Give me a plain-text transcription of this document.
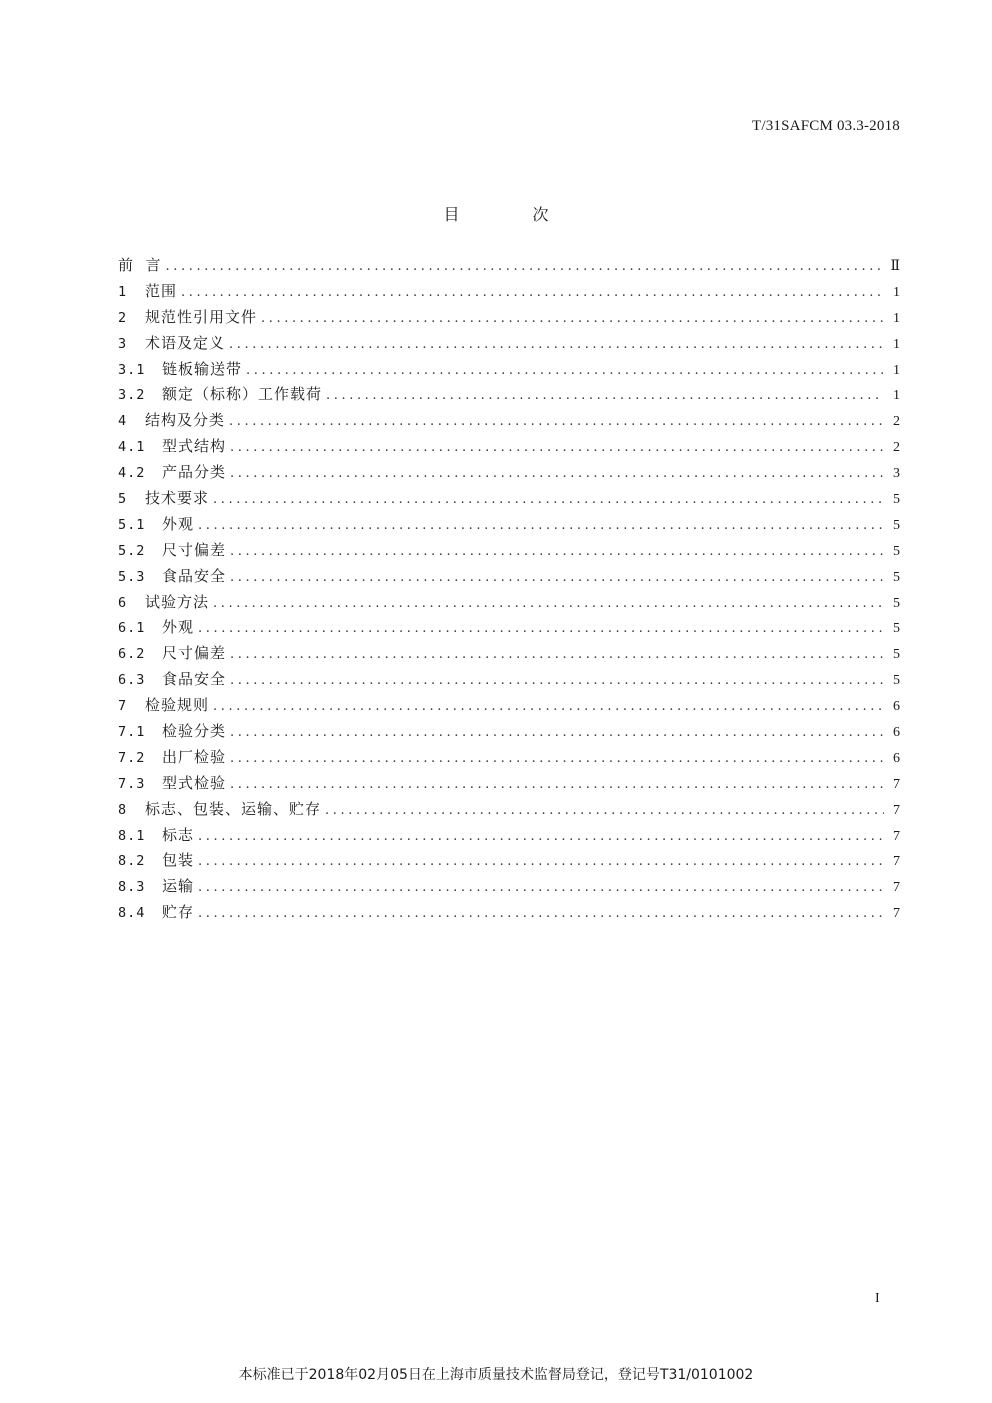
T/31SAFCM 03.3-2018
目 次
前  言 .....	Ⅱ
1	范围 .....	1
2	规范性引用文件 .....	1
3	术语及定义 .....	1
3.1	链板输送带 .....	1
3.2	额定（标称）工作载荷 .....	1
4	结构及分类 .....	2
4.1	型式结构 .....	2
4.2	产品分类 .....	3
5	技术要求 .....	5
5.1	外观 .....	5
5.2	尺寸偏差 .....	5
5.3	食品安全 .....	5
6	试验方法 .....	5
6.1	外观 .....	5
6.2	尺寸偏差 .....	5
6.3	食品安全 .....	5
7	检验规则 .....	6
7.1	检验分类 .....	6
7.2	出厂检验 .....	6
7.3	型式检验 .....	7
8	标志、包装、运输、贮存 .....	7
8.1	标志 .....	7
8.2	包装 .....	7
8.3	运输 .....	7
8.4	贮存 .....	7
I
本标准已于2018年02月05日在上海市质量技术监督局登记，登记号T31/0101002
